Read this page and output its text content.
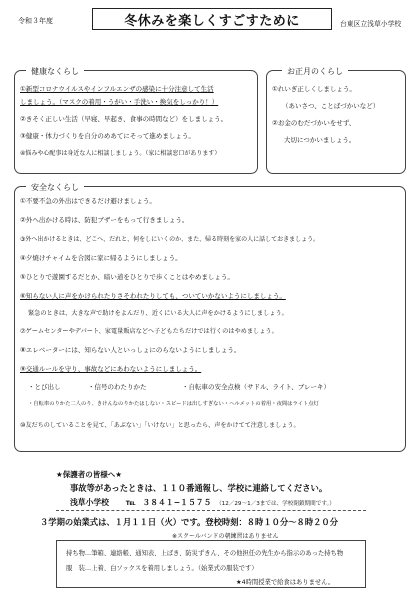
令和３年度	冬休みを楽しくすごすために	台東区立浅草小学校
健康なくらし
①新型コロナウイルスやインフルエンザの感染に十分注意して生活
しましょう。（マスクの着用・うがい・手洗い・換気をしっかり！）
②きそく正しい生活（早寝、早起き、食事の時間など）をしましょう。
③健康・体力づくりを自分のめあてにそって進めましょう。
④悩みや心配事は身近な人に相談しましょう。（家に相談窓口があります）
お正月のくらし
①れいぎ正しくしましょう。
（あいさつ、ことばづかいなど）
②お金のむだづかいをせず、
大切につかいましょう。
安全なくらし
①不要不急の外出はできるだけ避けましょう。
②外へ出かける時は、防犯ブザーをもって行きましょう。
③外へ出かけるときは、どこへ、だれと、何をしにいくのか、また、帰る時刻を家の人に話しておきましょう。
④夕焼けチャイムを合図に家に帰るようにしましょう。
⑤ひとりで遊園するだとか、暗い道をひとりで歩くことはやめましょう。
⑥知らない人に声をかけられたりさそわれたりしても、ついていかないようにしましょう。
緊急のときは、大きな声で助けをよんだり、近くにいる大人に声をかけるようにしましょう。
⑦ゲームセンターやデパート、家電量販店などへ子どもたちだけでは行くのはやめましょう。
⑧エレベーターには、知らない人といっしょにのらないようにしましょう。
⑨交通ルールを守り、事故などにあわないようにしましょう。
・とび出し	・信号のわたりかた	・自転車の安全点検（サドル、ライト、ブレーキ）
・自転車のりかた二人のり、きけんなのりかたはしない・スピードは出しすぎない・ヘルメットの着用・夜間はライト点灯
⑩友だちのしていることを見て、「あぶない」「いけない」と思ったら、声をかけてて注意しましょう。
★保護者の皆様へ★
事故等があったときは、１１０番通報し、学校に連絡してください。
浅草小学校 ℡ ３８４１−１５７５ （12／29～1／3までは、学校閉鎖期間です。）
３学期の始業式は、１月１１日（火）です。登校時刻：８時１０分～８時２０分
※スクールバンドの朝練習はありません
持ち物…筆箱、連絡帳、通知表、上ばき、防災ずきん、その他担任の先生から指示のあった持ち物
服　装…上着、白ソックスを着用しましょう。（始業式の服装です）
★4時間授業で給食はありません。
